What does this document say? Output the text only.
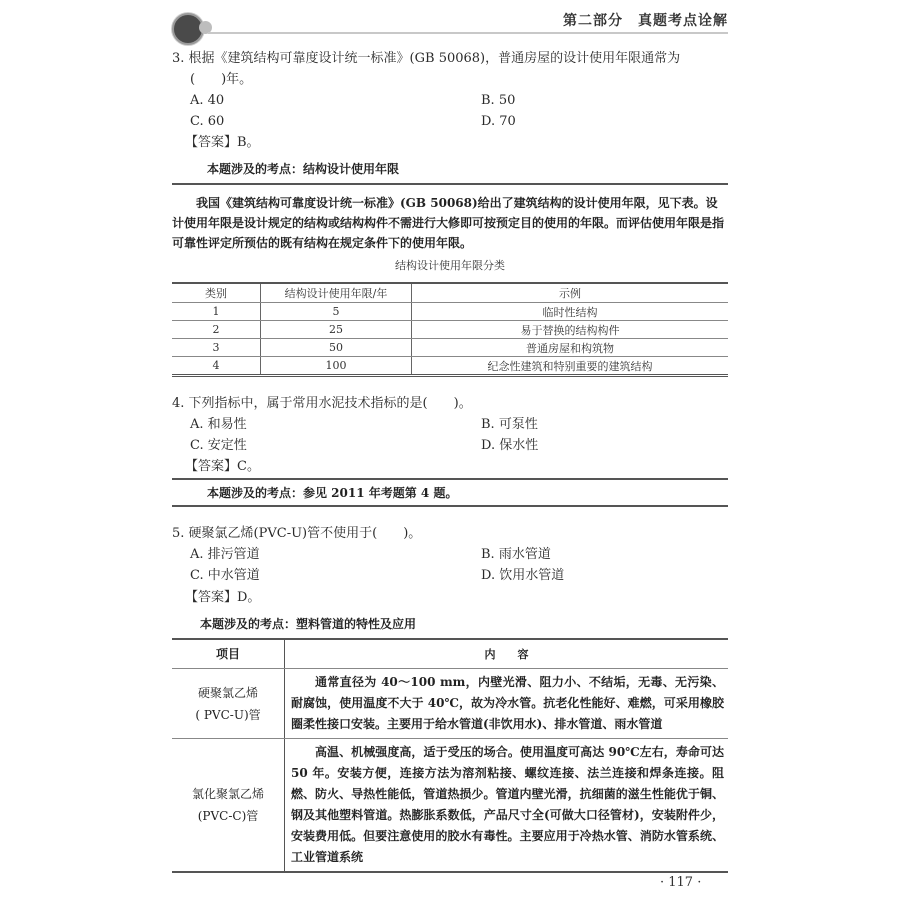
第二部分　真题考点诠解
3. 根据《建筑结构可靠度设计统一标准》(GB 50068)，普通房屋的设计使用年限通常为
(　　)年。
A. 40	B. 50
C. 60	D. 70
【答案】B。
本题涉及的考点：结构设计使用年限
我国《建筑结构可靠度设计统一标准》(GB 50068)给出了建筑结构的设计使用年限，见下表。设计使用年限是设计规定的结构或结构构件不需进行大修即可按预定目的使用的年限。而评估使用年限是指可靠性评定所预估的既有结构在规定条件下的使用年限。
结构设计使用年限分类
类别	结构设计使用年限/年	示例
1	5	临时性结构
2	25	易于替换的结构构件
3	50	普通房屋和构筑物
4	100	纪念性建筑和特别重要的建筑结构
4. 下列指标中，属于常用水泥技术指标的是(　　)。
A. 和易性	B. 可泵性
C. 安定性	D. 保水性
【答案】C。
本题涉及的考点：参见 2011 年考题第 4 题。
5. 硬聚氯乙烯(PVC-U)管不使用于(　　)。
A. 排污管道	B. 雨水管道
C. 中水管道	D. 饮用水管道
【答案】D。
本题涉及的考点：塑料管道的特性及应用
项目	内　　容

硬聚氯乙烯
( PVC-U)管	通常直径为 40～100 mm，内壁光滑、阻力小、不结垢，无毒、无污染、耐腐蚀，使用温度不大于 40℃，故为冷水管。抗老化性能好、难燃，可采用橡胶圈柔性接口安装。主要用于给水管道(非饮用水)、排水管道、雨水管道

氯化聚氯乙烯
(PVC-C)管	高温、机械强度高，适于受压的场合。使用温度可高达 90℃左右，寿命可达 50 年。安装方便，连接方法为溶剂粘接、螺纹连接、法兰连接和焊条连接。阻燃、防火、导热性能低，管道热损少。管道内壁光滑，抗细菌的滋生性能优于铜、钢及其他塑料管道。热膨胀系数低，产品尺寸全(可做大口径管材)，安装附件少，安装费用低。但要注意使用的胶水有毒性。主要应用于冷热水管、消防水管系统、工业管道系统
· 117 ·
